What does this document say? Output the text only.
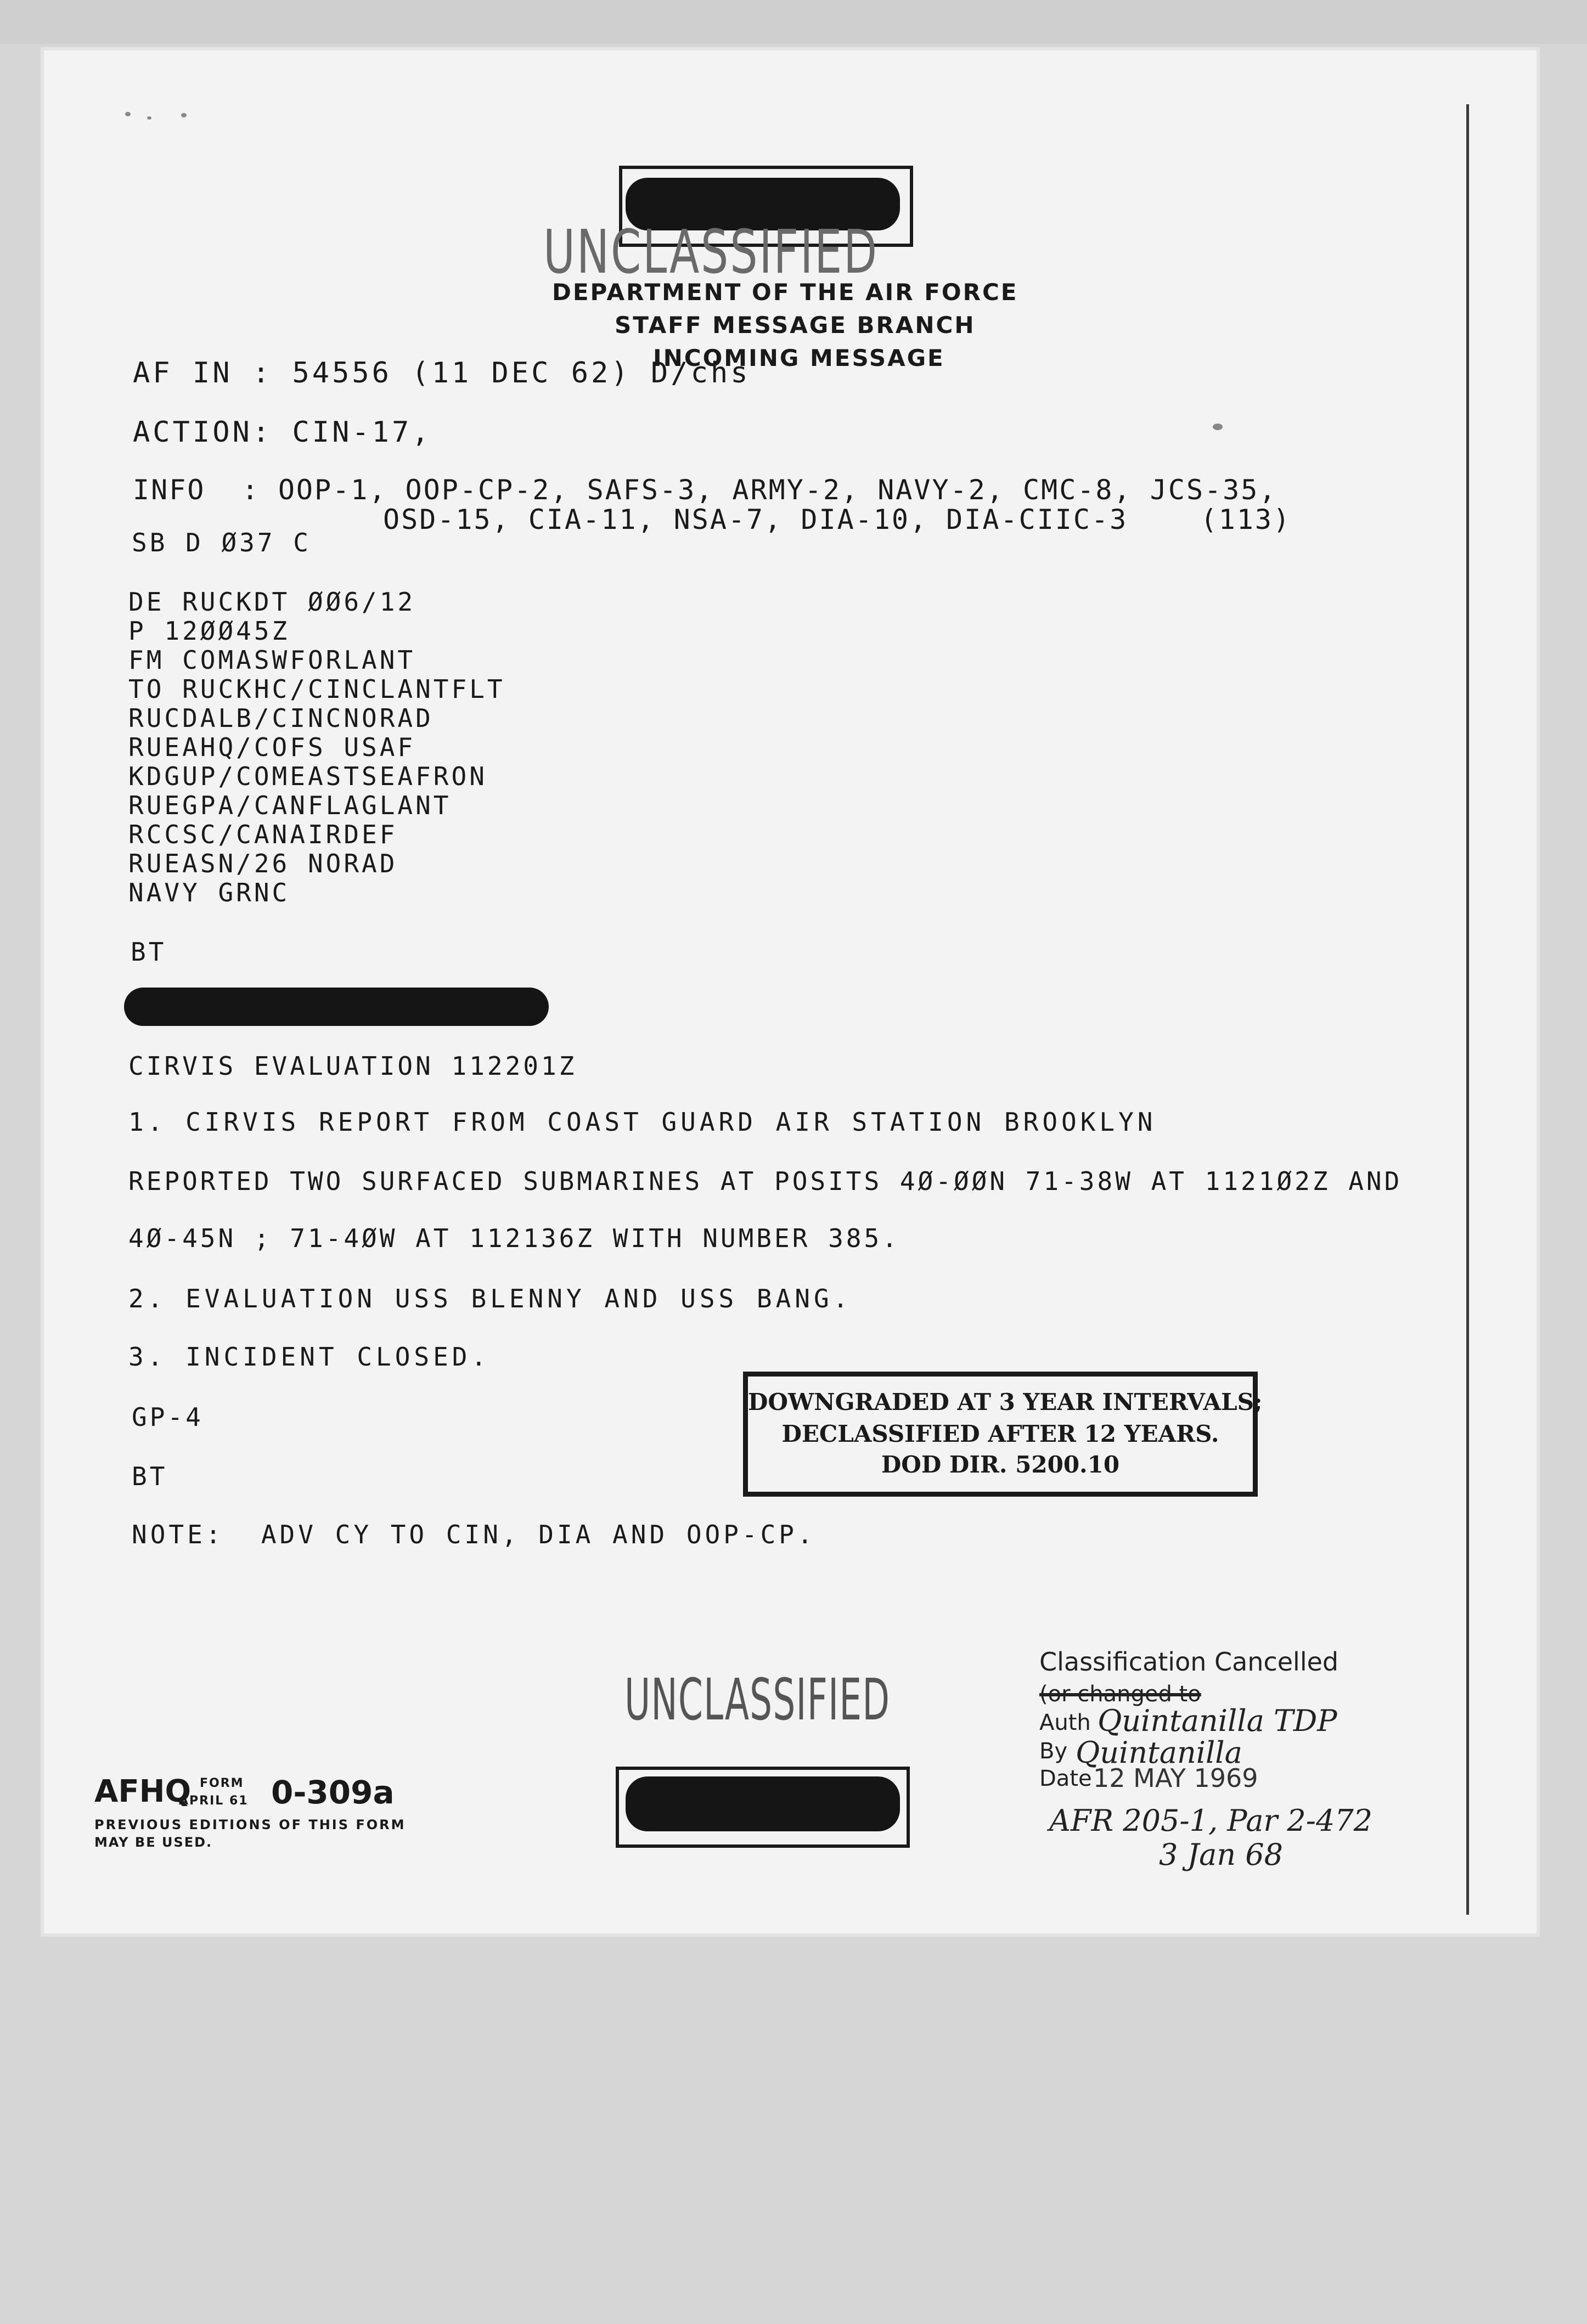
UNCLASSIFIED
DEPARTMENT OF THE AIR FORCE
STAFF MESSAGE BRANCH
INCOMING MESSAGE
AF IN : 54556 (11 DEC 62) D/chs
ACTION: CIN-17,
INFO  : OOP-1, OOP-CP-2, SAFS-3, ARMY-2, NAVY-2, CMC-8, JCS-35,
OSD-15, CIA-11, NSA-7, DIA-10, DIA-CIIC-3    (113)
SB D Ø37 C
DE RUCKDT ØØ6/12
P 12ØØ45Z
FM COMASWFORLANT
TO RUCKHC/CINCLANTFLT
RUCDALB/CINCNORAD
RUEAHQ/COFS USAF
KDGUP/COMEASTSEAFRON
RUEGPA/CANFLAGLANT
RCCSC/CANAIRDEF
RUEASN/26 NORAD
NAVY GRNC
BT
CIRVIS EVALUATION 112201Z
1. CIRVIS REPORT FROM COAST GUARD AIR STATION BROOKLYN
REPORTED TWO SURFACED SUBMARINES AT POSITS 4Ø-ØØN 71-38W AT 1121Ø2Z AND
4Ø-45N ; 71-4ØW AT 112136Z WITH NUMBER 385.
2. EVALUATION USS BLENNY AND USS BANG.
3. INCIDENT CLOSED.
GP-4
BT
NOTE:  ADV CY TO CIN, DIA AND OOP-CP.
DOWNGRADED AT 3 YEAR INTERVALS;
DECLASSIFIED AFTER 12 YEARS.
DOD DIR. 5200.10
UNCLASSIFIED
AFHQ FORM
APRIL 61 0-309a
PREVIOUS EDITIONS OF THIS FORM
MAY BE USED.
Classification Cancelled
(or changed to
Auth Quintanilla TDP
By Quintanilla
Date 12 MAY 1969
AFR 205-1, Par 2-472
3 Jan 68
